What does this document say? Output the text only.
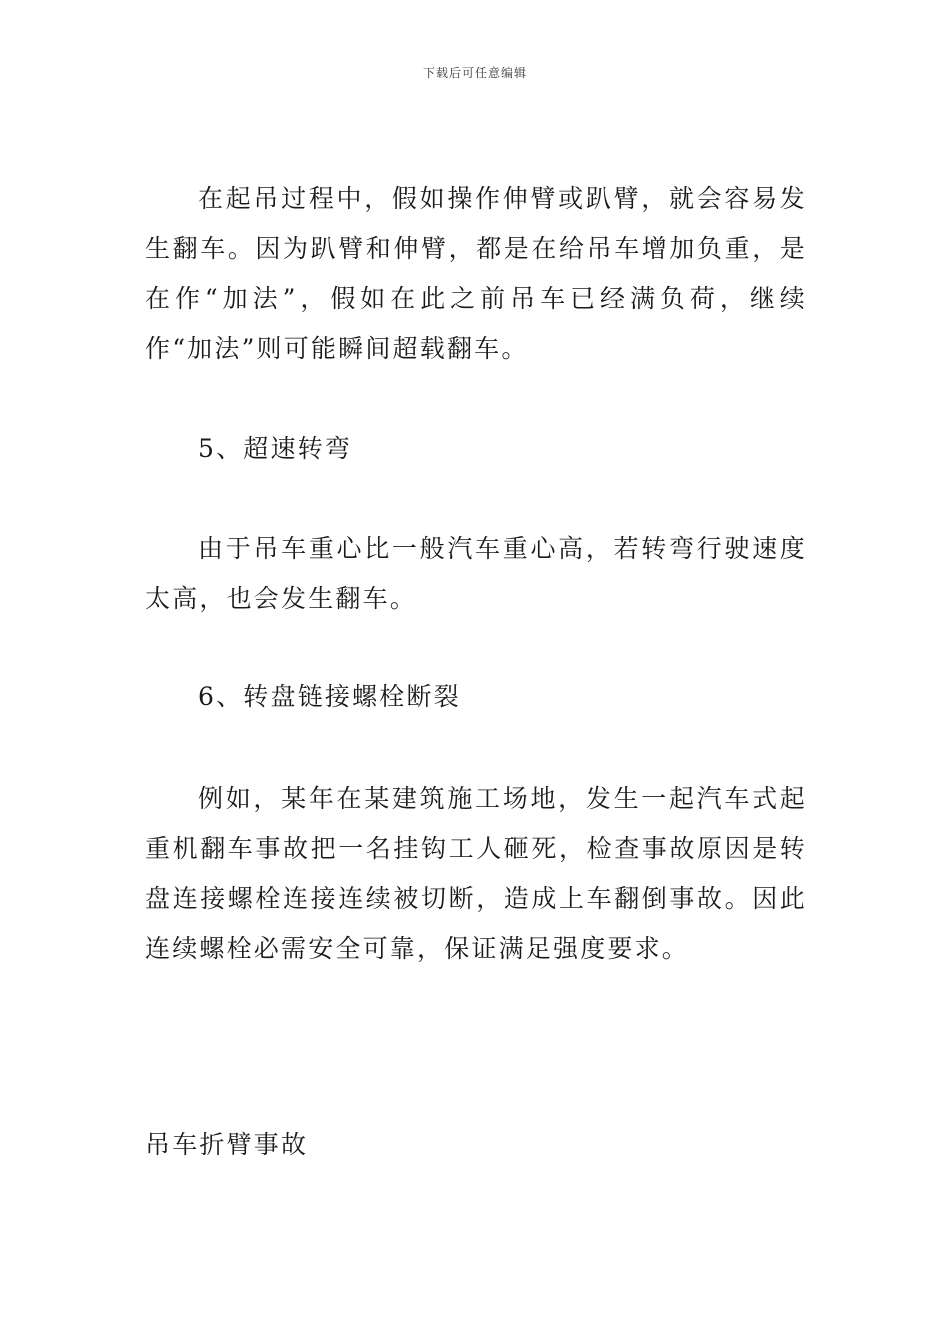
下载后可任意编辑

在起吊过程中，假如操作伸臂或趴臂，就会容易发生翻车。因为趴臂和伸臂，都是在给吊车增加负重，是在作“加法”，假如在此之前吊车已经满负荷，继续作“加法”则可能瞬间超载翻车。

5、超速转弯

由于吊车重心比一般汽车重心高，若转弯行驶速度太高，也会发生翻车。

6、转盘链接螺栓断裂

例如，某年在某建筑施工场地，发生一起汽车式起重机翻车事故把一名挂钩工人砸死，检查事故原因是转盘连接螺栓连接连续被切断，造成上车翻倒事故。因此连续螺栓必需安全可靠，保证满足强度要求。

吊车折臂事故
